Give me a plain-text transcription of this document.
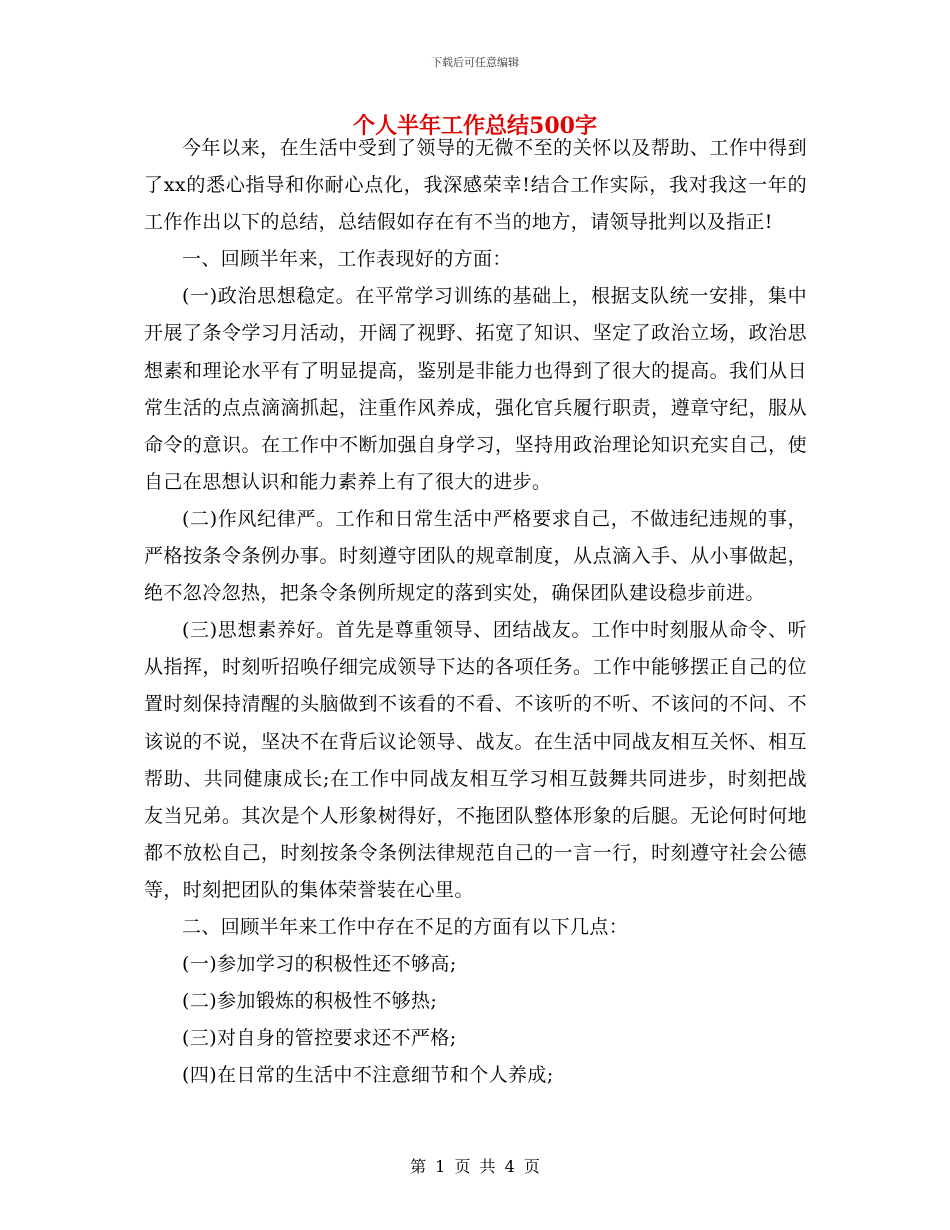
下载后可任意编辑
个人半年工作总结500字

今年以来，在生活中受到了领导的无微不至的关怀以及帮助、工作中得到了xx的悉心指导和你耐心点化，我深感荣幸!结合工作实际，我对我这一年的工作作出以下的总结，总结假如存在有不当的地方，请领导批判以及指正!

一、回顾半年来，工作表现好的方面：

(一)政治思想稳定。在平常学习训练的基础上，根据支队统一安排，集中开展了条令学习月活动，开阔了视野、拓宽了知识、坚定了政治立场，政治思想素和理论水平有了明显提高，鉴别是非能力也得到了很大的提高。我们从日常生活的点点滴滴抓起，注重作风养成，强化官兵履行职责，遵章守纪，服从命令的意识。在工作中不断加强自身学习，坚持用政治理论知识充实自己，使自己在思想认识和能力素养上有了很大的进步。

(二)作风纪律严。工作和日常生活中严格要求自己，不做违纪违规的事，严格按条令条例办事。时刻遵守团队的规章制度，从点滴入手、从小事做起，绝不忽冷忽热，把条令条例所规定的落到实处，确保团队建设稳步前进。

(三)思想素养好。首先是尊重领导、团结战友。工作中时刻服从命令、听从指挥，时刻听招唤仔细完成领导下达的各项任务。工作中能够摆正自己的位置时刻保持清醒的头脑做到不该看的不看、不该听的不听、不该问的不问、不该说的不说，坚决不在背后议论领导、战友。在生活中同战友相互关怀、相互帮助、共同健康成长;在工作中同战友相互学习相互鼓舞共同进步，时刻把战友当兄弟。其次是个人形象树得好，不拖团队整体形象的后腿。无论何时何地都不放松自己，时刻按条令条例法律规范自己的一言一行，时刻遵守社会公德等，时刻把团队的集体荣誉装在心里。

二、回顾半年来工作中存在不足的方面有以下几点：

(一)参加学习的积极性还不够高;

(二)参加锻炼的积极性不够热;

(三)对自身的管控要求还不严格;

(四)在日常的生活中不注意细节和个人养成;

第 1 页 共 4 页
